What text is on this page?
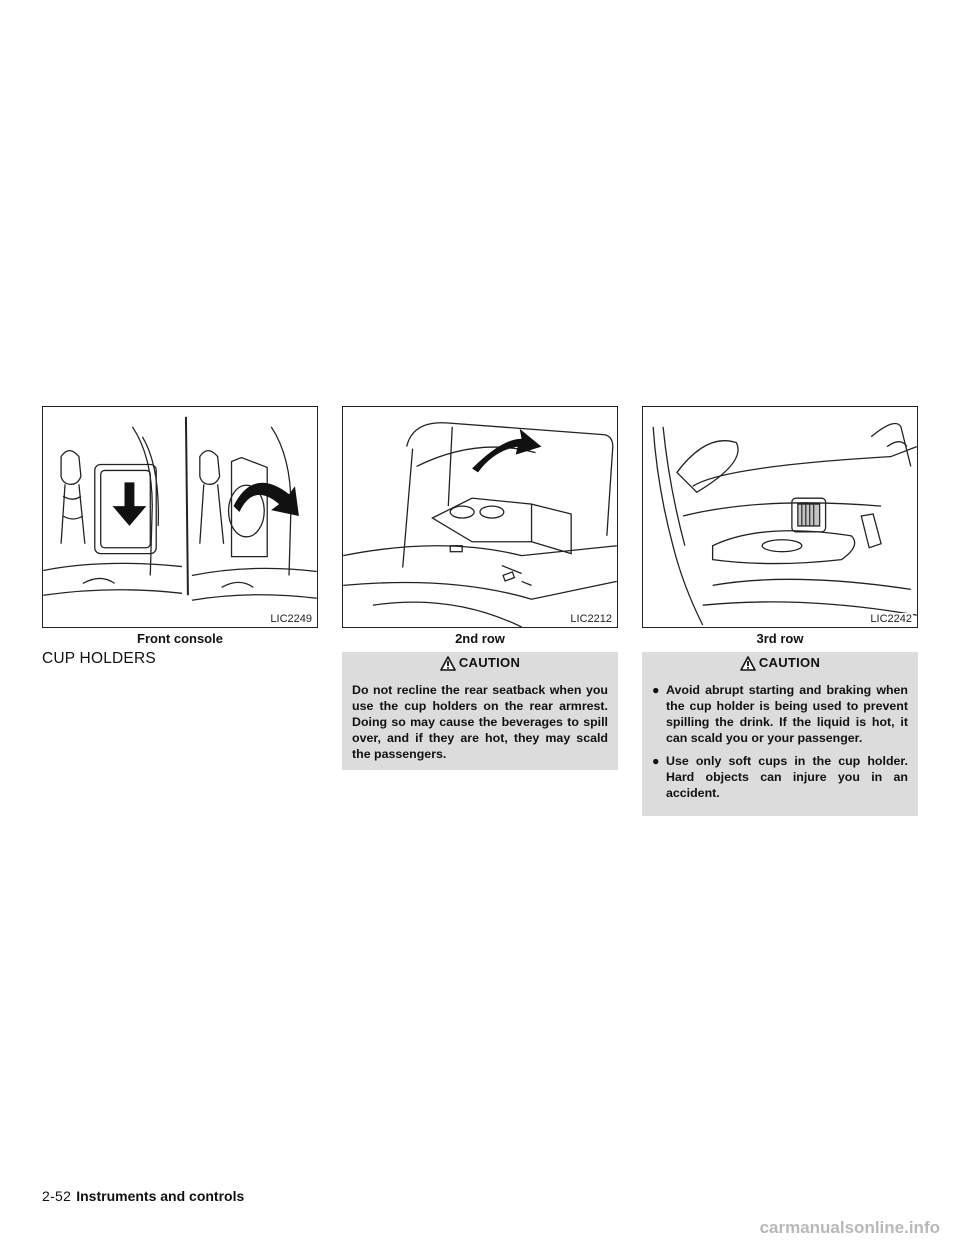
LIC2249
Front console
LIC2212
2nd row
LIC2242
3rd row
CUP HOLDERS	CAUTION
Do not recline the rear seatback when you use the cup holders on the rear armrest. Doing so may cause the beverages to spill over, and if they are hot, they may scald the passengers.
CAUTION
● Avoid abrupt starting and braking when the cup holder is being used to prevent spilling the drink. If the liquid is hot, it can scald you or your passenger.
● Use only soft cups in the cup holder. Hard objects can injure you in an accident.
2-52 Instruments and controls
carmanualsonline.info
